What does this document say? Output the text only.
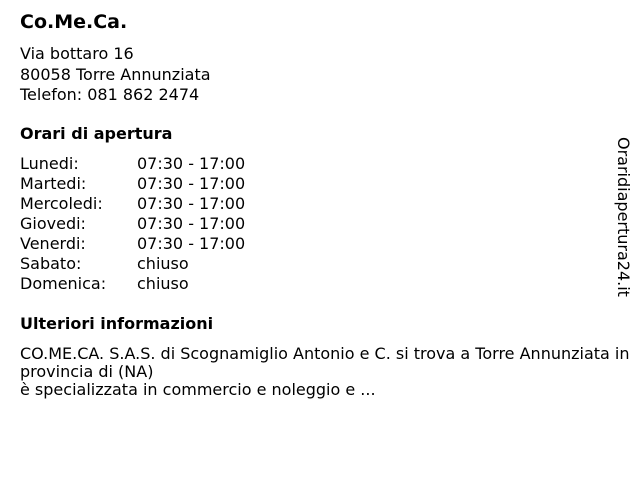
Co.Me.Ca.
Via bottaro 16
80058 Torre Annunziata
Telefon: 081 862 2474
Orari di apertura
Lunedi:	07:30 - 17:00
Martedi:	07:30 - 17:00
Mercoledi: 07:30 - 17:00
Giovedi:	07:30 - 17:00
Venerdi:	07:30 - 17:00
Sabato:	chiuso
Domenica: chiuso
Ulteriori informazioni
CO.ME.CA. S.A.S. di Scognamiglio Antonio e C. si trova a Torre Annunziata in provincia di (NA)
è specializzata in commercio e noleggio e ...
Oraridiapertura24.it
